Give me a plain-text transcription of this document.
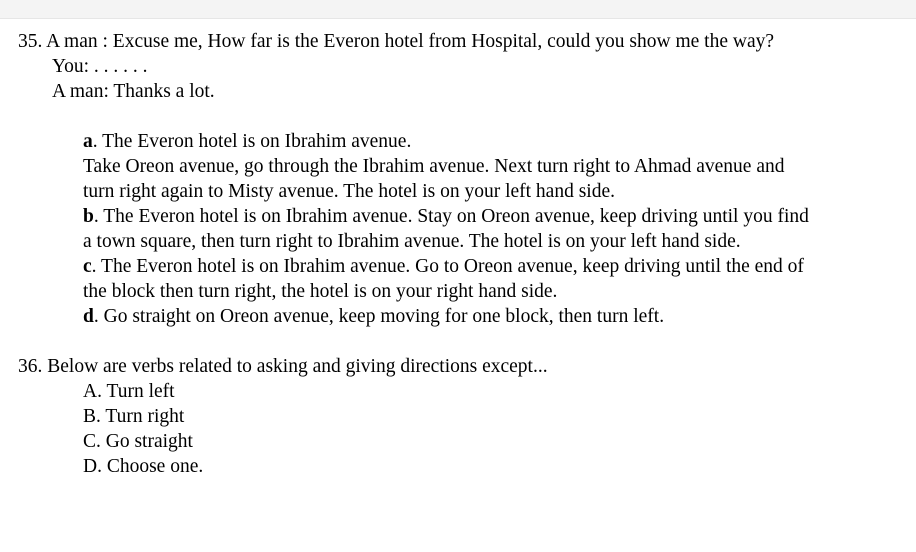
35. A man : Excuse me, How far is the Everon hotel from Hospital, could you show me the way?
You: . . . . . .
A man: Thanks a lot.
a. The Everon hotel is on Ibrahim avenue.
Take Oreon avenue, go through the Ibrahim avenue. Next turn right to Ahmad avenue and
turn right again to Misty avenue. The hotel is on your left hand side.
b. The Everon hotel is on Ibrahim avenue. Stay on Oreon avenue, keep driving until you find
a town square, then turn right to Ibrahim avenue. The hotel is on your left hand side.
c. The Everon hotel is on Ibrahim avenue. Go to Oreon avenue, keep driving until the end of
the block then turn right, the hotel is on your right hand side.
d. Go straight on Oreon avenue, keep moving for one block, then turn left.
36. Below are verbs related to asking and giving directions except...
A. Turn left
B. Turn right
C. Go straight
D. Choose one.
